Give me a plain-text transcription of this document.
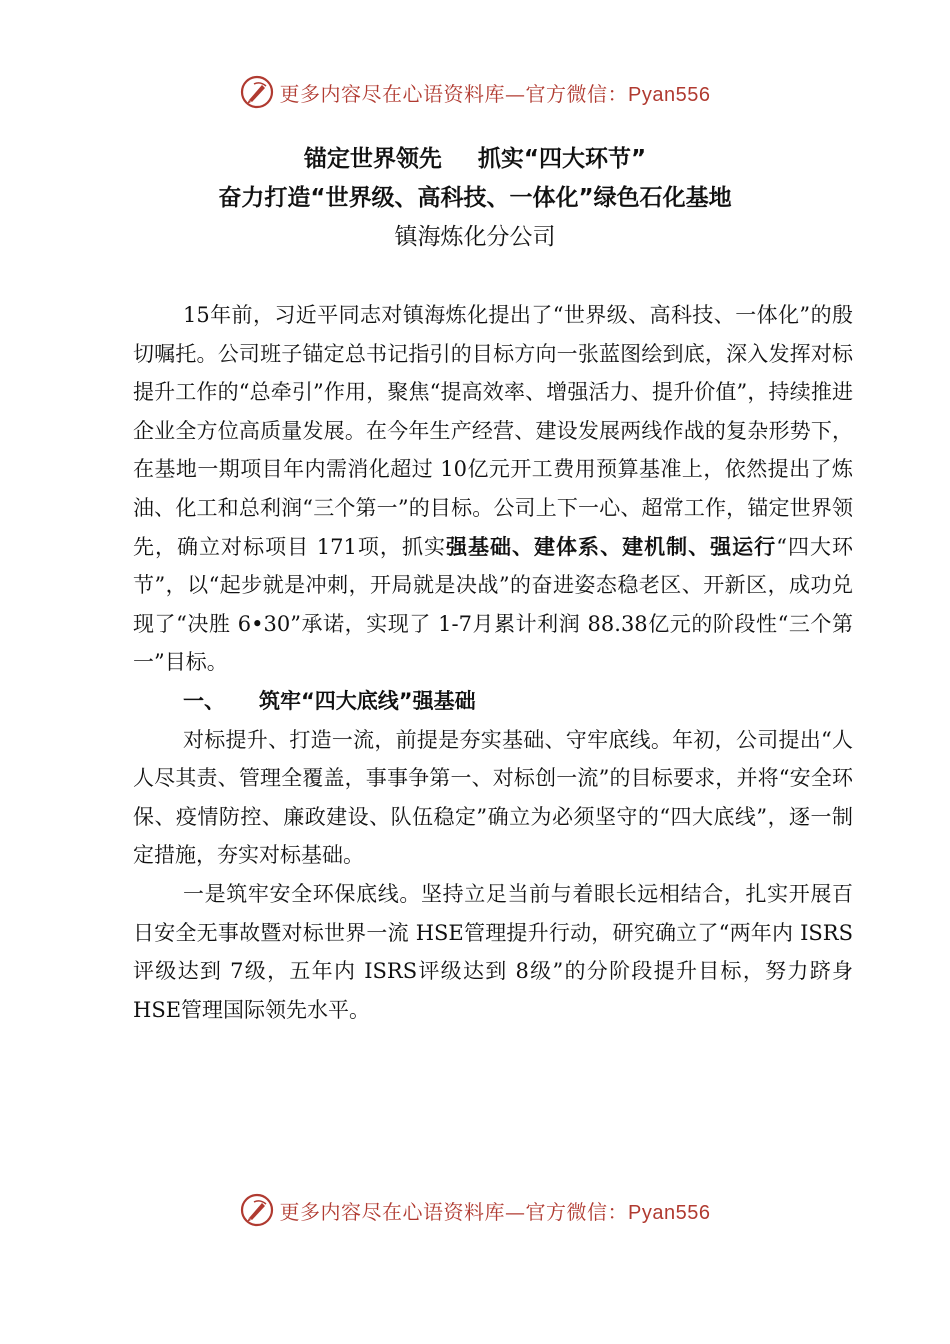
更多内容尽在心语资料库—官方微信：Pyan556
锚定世界领先 抓实“四大环节”
奋力打造“世界级、高科技、一体化”绿色石化基地
镇海炼化分公司

15年前，习近平同志对镇海炼化提出了“世界级、高科技、一体化”的殷切嘱托。公司班子锚定总书记指引的目标方向一张蓝图绘到底，深入发挥对标提升工作的“总牵引”作用，聚焦“提高效率、增强活力、提升价值”，持续推进企业全方位高质量发展。在今年生产经营、建设发展两线作战的复杂形势下，在基地一期项目年内需消化超过 10亿元开工费用预算基准上，依然提出了炼油、化工和总利润“三个第一”的目标。公司上下一心、超常工作，锚定世界领先，确立对标项目 171项，抓实强基础、建体系、建机制、强运行“四大环节”，以“起步就是冲刺，开局就是决战”的奋进姿态稳老区、开新区，成功兑现了“决胜 6•30”承诺，实现了 1-7月累计利润 88.38亿元的阶段性“三个第一”目标。

一、 筑牢“四大底线”强基础

对标提升、打造一流，前提是夯实基础、守牢底线。年初，公司提出“人人尽其责、管理全覆盖，事事争第一、对标创一流”的目标要求，并将“安全环保、疫情防控、廉政建设、队伍稳定”确立为必须坚守的“四大底线”，逐一制定措施，夯实对标基础。

一是筑牢安全环保底线。坚持立足当前与着眼长远相结合，扎实开展百日安全无事故暨对标世界一流 HSE管理提升行动，研究确立了“两年内 ISRS评级达到 7级，五年内 ISRS评级达到 8级”的分阶段提升目标，努力跻身 HSE管理国际领先水平。

更多内容尽在心语资料库—官方微信：Pyan556
